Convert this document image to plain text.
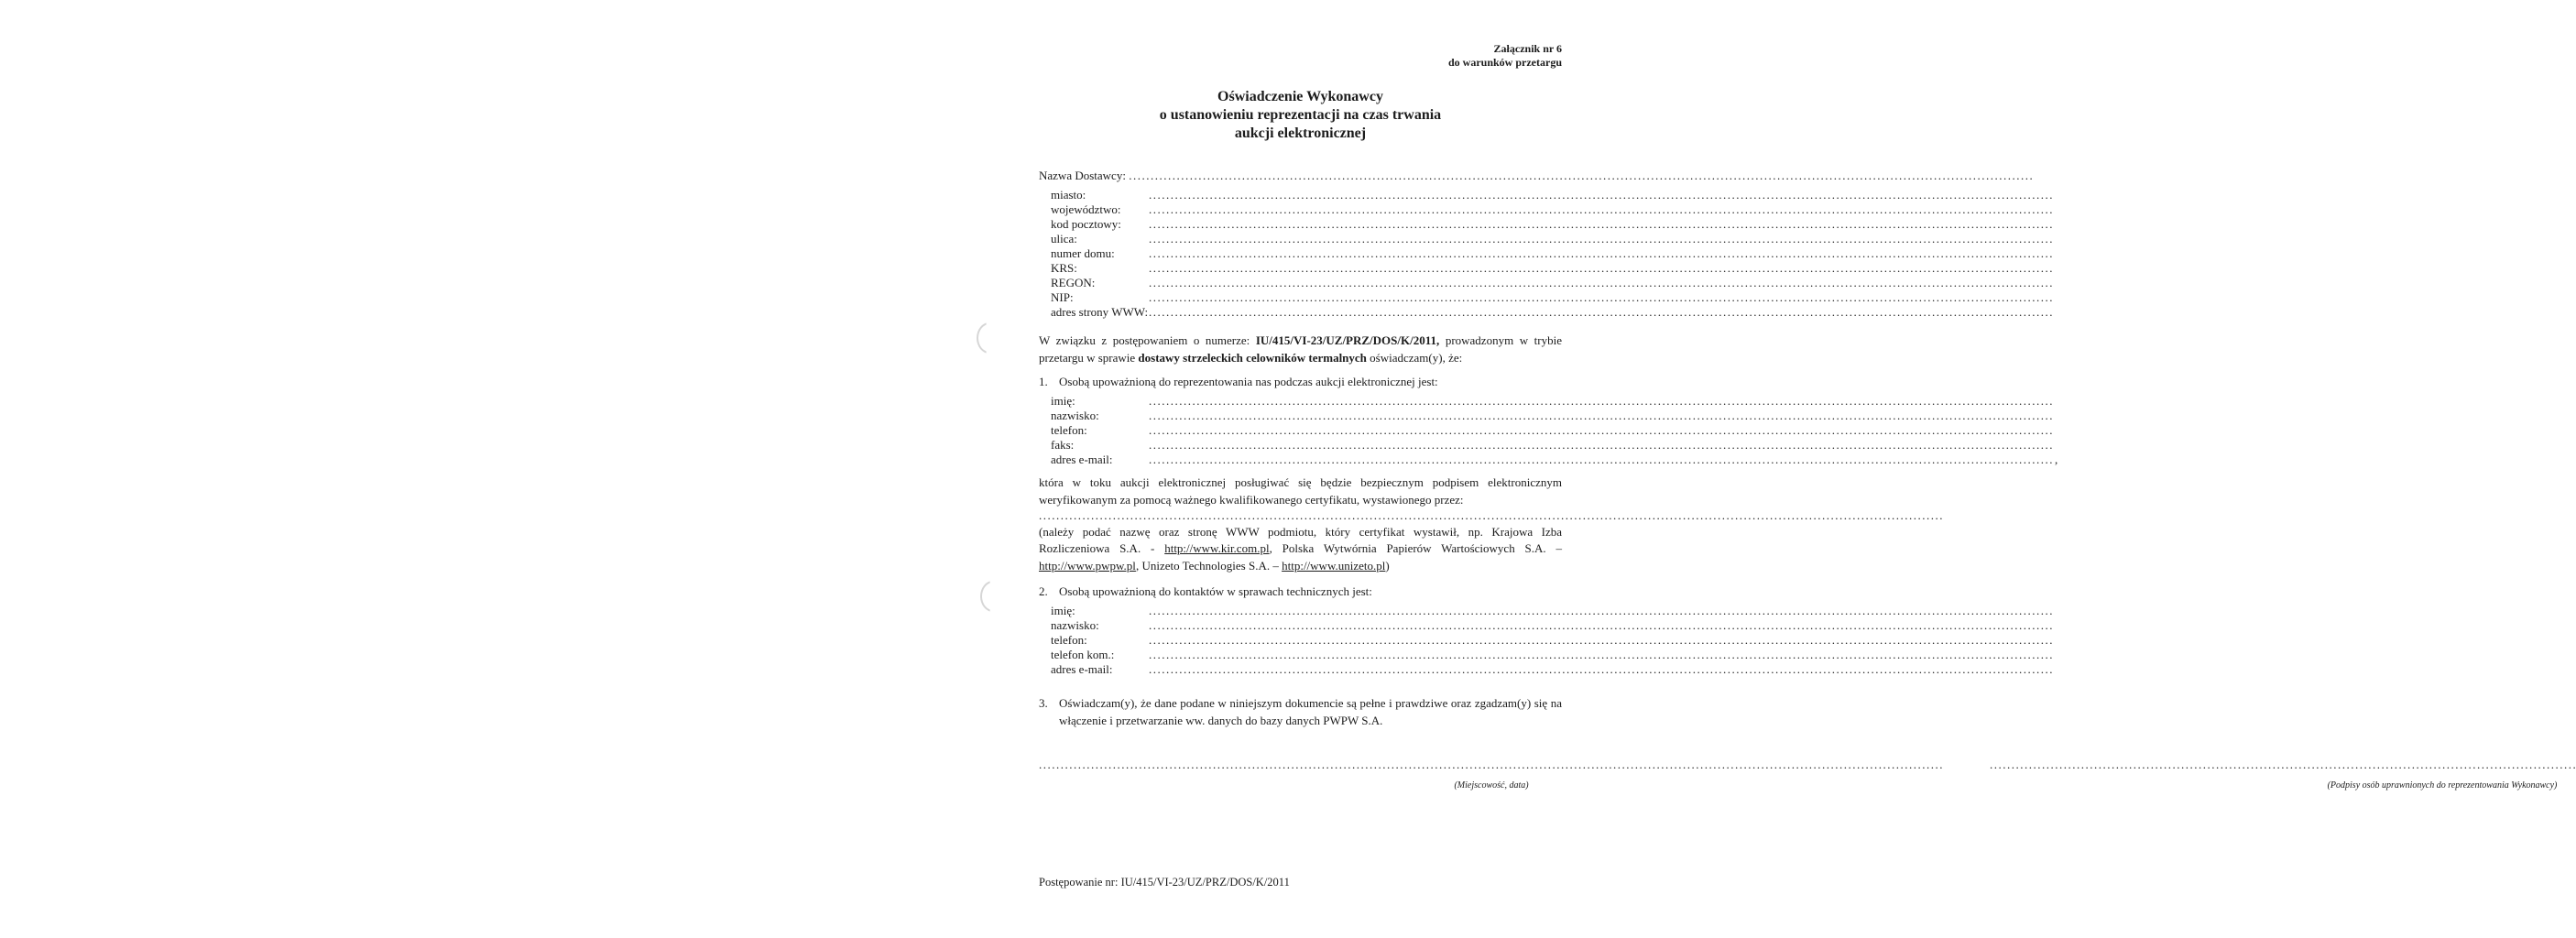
Załącznik nr 6
do warunków przetargu
Oświadczenie Wykonawcy
o ustanowieniu reprezentacji na czas trwania
aukcji elektronicznej
Nazwa Dostawcy:

.....
miasto:
.....
województwo:
.....
kod pocztowy:
.....
ulica:
.....
numer domu:
.....
KRS:
.....
REGON:
.....
NIP:
.....
adres strony WWW:
.....

W związku z postępowaniem o numerze: IU/415/VI-23/UZ/PRZ/DOS/K/2011, prowadzonym w trybie przetargu w sprawie dostawy strzeleckich celowników termalnych oświadczam(y), że:

1. Osobą upoważnioną do reprezentowania nas podczas aukcji elektronicznej jest:
imię:
.....
nazwisko:
.....
telefon:
.....
faks:
.....
adres e-mail: .....	,

która w toku aukcji elektronicznej posługiwać się będzie bezpiecznym podpisem elektronicznym weryfikowanym za pomocą ważnego kwalifikowanego certyfikatu, wystawionego przez:

.....

(należy podać nazwę oraz stronę WWW podmiotu, który certyfikat wystawił, np. Krajowa Izba Rozliczeniowa S.A. - http://www.kir.com.pl, Polska Wytwórnia Papierów Wartościowych S.A. – http://www.pwpw.pl, Unizeto Technologies S.A. – http://www.unizeto.pl)

2. Osobą upoważnioną do kontaktów w sprawach technicznych jest:
imię:
.....
nazwisko:
.....
telefon:
.....
telefon kom.:
.....
adres e-mail:
.....
3. Oświadczam(y), że dane podane w niniejszym dokumencie są pełne i prawdziwe oraz zgadzam(y) się na włączenie i przetwarzanie ww. danych do bazy danych PWPW S.A.
.....
(Miejscowość, data)
.....	(Podpisy osób uprawnionych do reprezentowania Wykonawcy)
Postępowanie nr: IU/415/VI-23/UZ/PRZ/DOS/K/2011
